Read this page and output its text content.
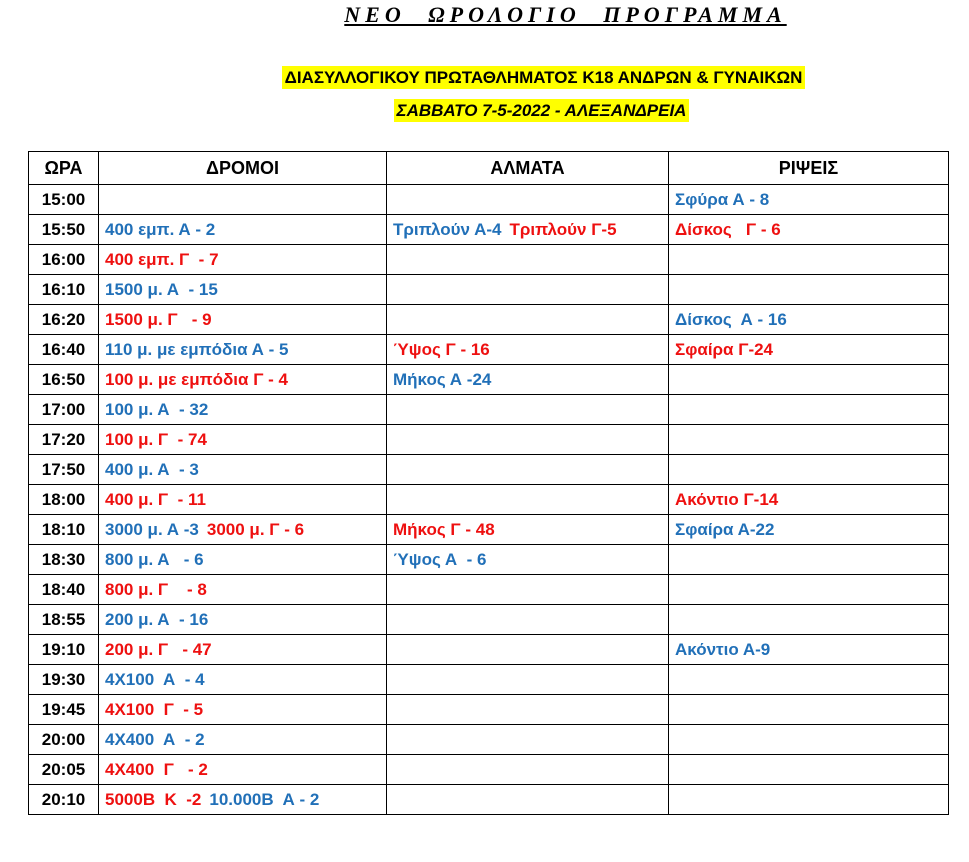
ΝΕΟ ΩΡΟΛΟΓΙΟ ΠΡΟΓΡΑΜΜΑ
ΔΙΑΣΥΛΛΟΓΙΚΟΥ ΠΡΩΤΑΘΛΗΜΑΤΟΣ Κ18 ΑΝΔΡΩΝ & ΓΥΝΑΙΚΩΝ
ΣΑΒΒΑΤΟ 7-5-2022 - ΑΛΕΞΑΝΔΡΕΙΑ
ΩΡΑ	ΔΡΟΜΟΙ	ΑΛΜΑΤΑ	ΡΙΨΕΙΣ
15:00			Σφύρα Α - 8
15:50	400 εμπ. Α - 2	Τριπλούν Α-4 Τριπλούν Γ-5	Δίσκος   Γ - 6
16:00	400 εμπ. Γ  - 7		
16:10	1500 μ. Α  - 15		
16:20	1500 μ. Γ   - 9		Δίσκος  Α - 16
16:40	110 μ. με εμπόδια Α - 5	Ύψος Γ - 16	Σφαίρα Γ-24
16:50	100 μ. με εμπόδια Γ - 4	Μήκος Α -24	
17:00	100 μ. Α  - 32		
17:20	100 μ. Γ  - 74		
17:50	400 μ. Α  - 3		
18:00	400 μ. Γ  - 11		Ακόντιο Γ-14
18:10	3000 μ. Α -3 3000 μ. Γ - 6	Μήκος Γ - 48	Σφαίρα Α-22
18:30	800 μ. Α   - 6	Ύψος Α  - 6	
18:40	800 μ. Γ    - 8		
18:55	200 μ. Α  - 16		
19:10	200 μ. Γ   - 47		Ακόντιο Α-9
19:30	4Χ100  Α  - 4		
19:45	4Χ100  Γ  - 5		
20:00	4Χ400  Α  - 2		
20:05	4Χ400  Γ   - 2		
20:10	5000Β  Κ  -2 10.000Β  Α - 2		
